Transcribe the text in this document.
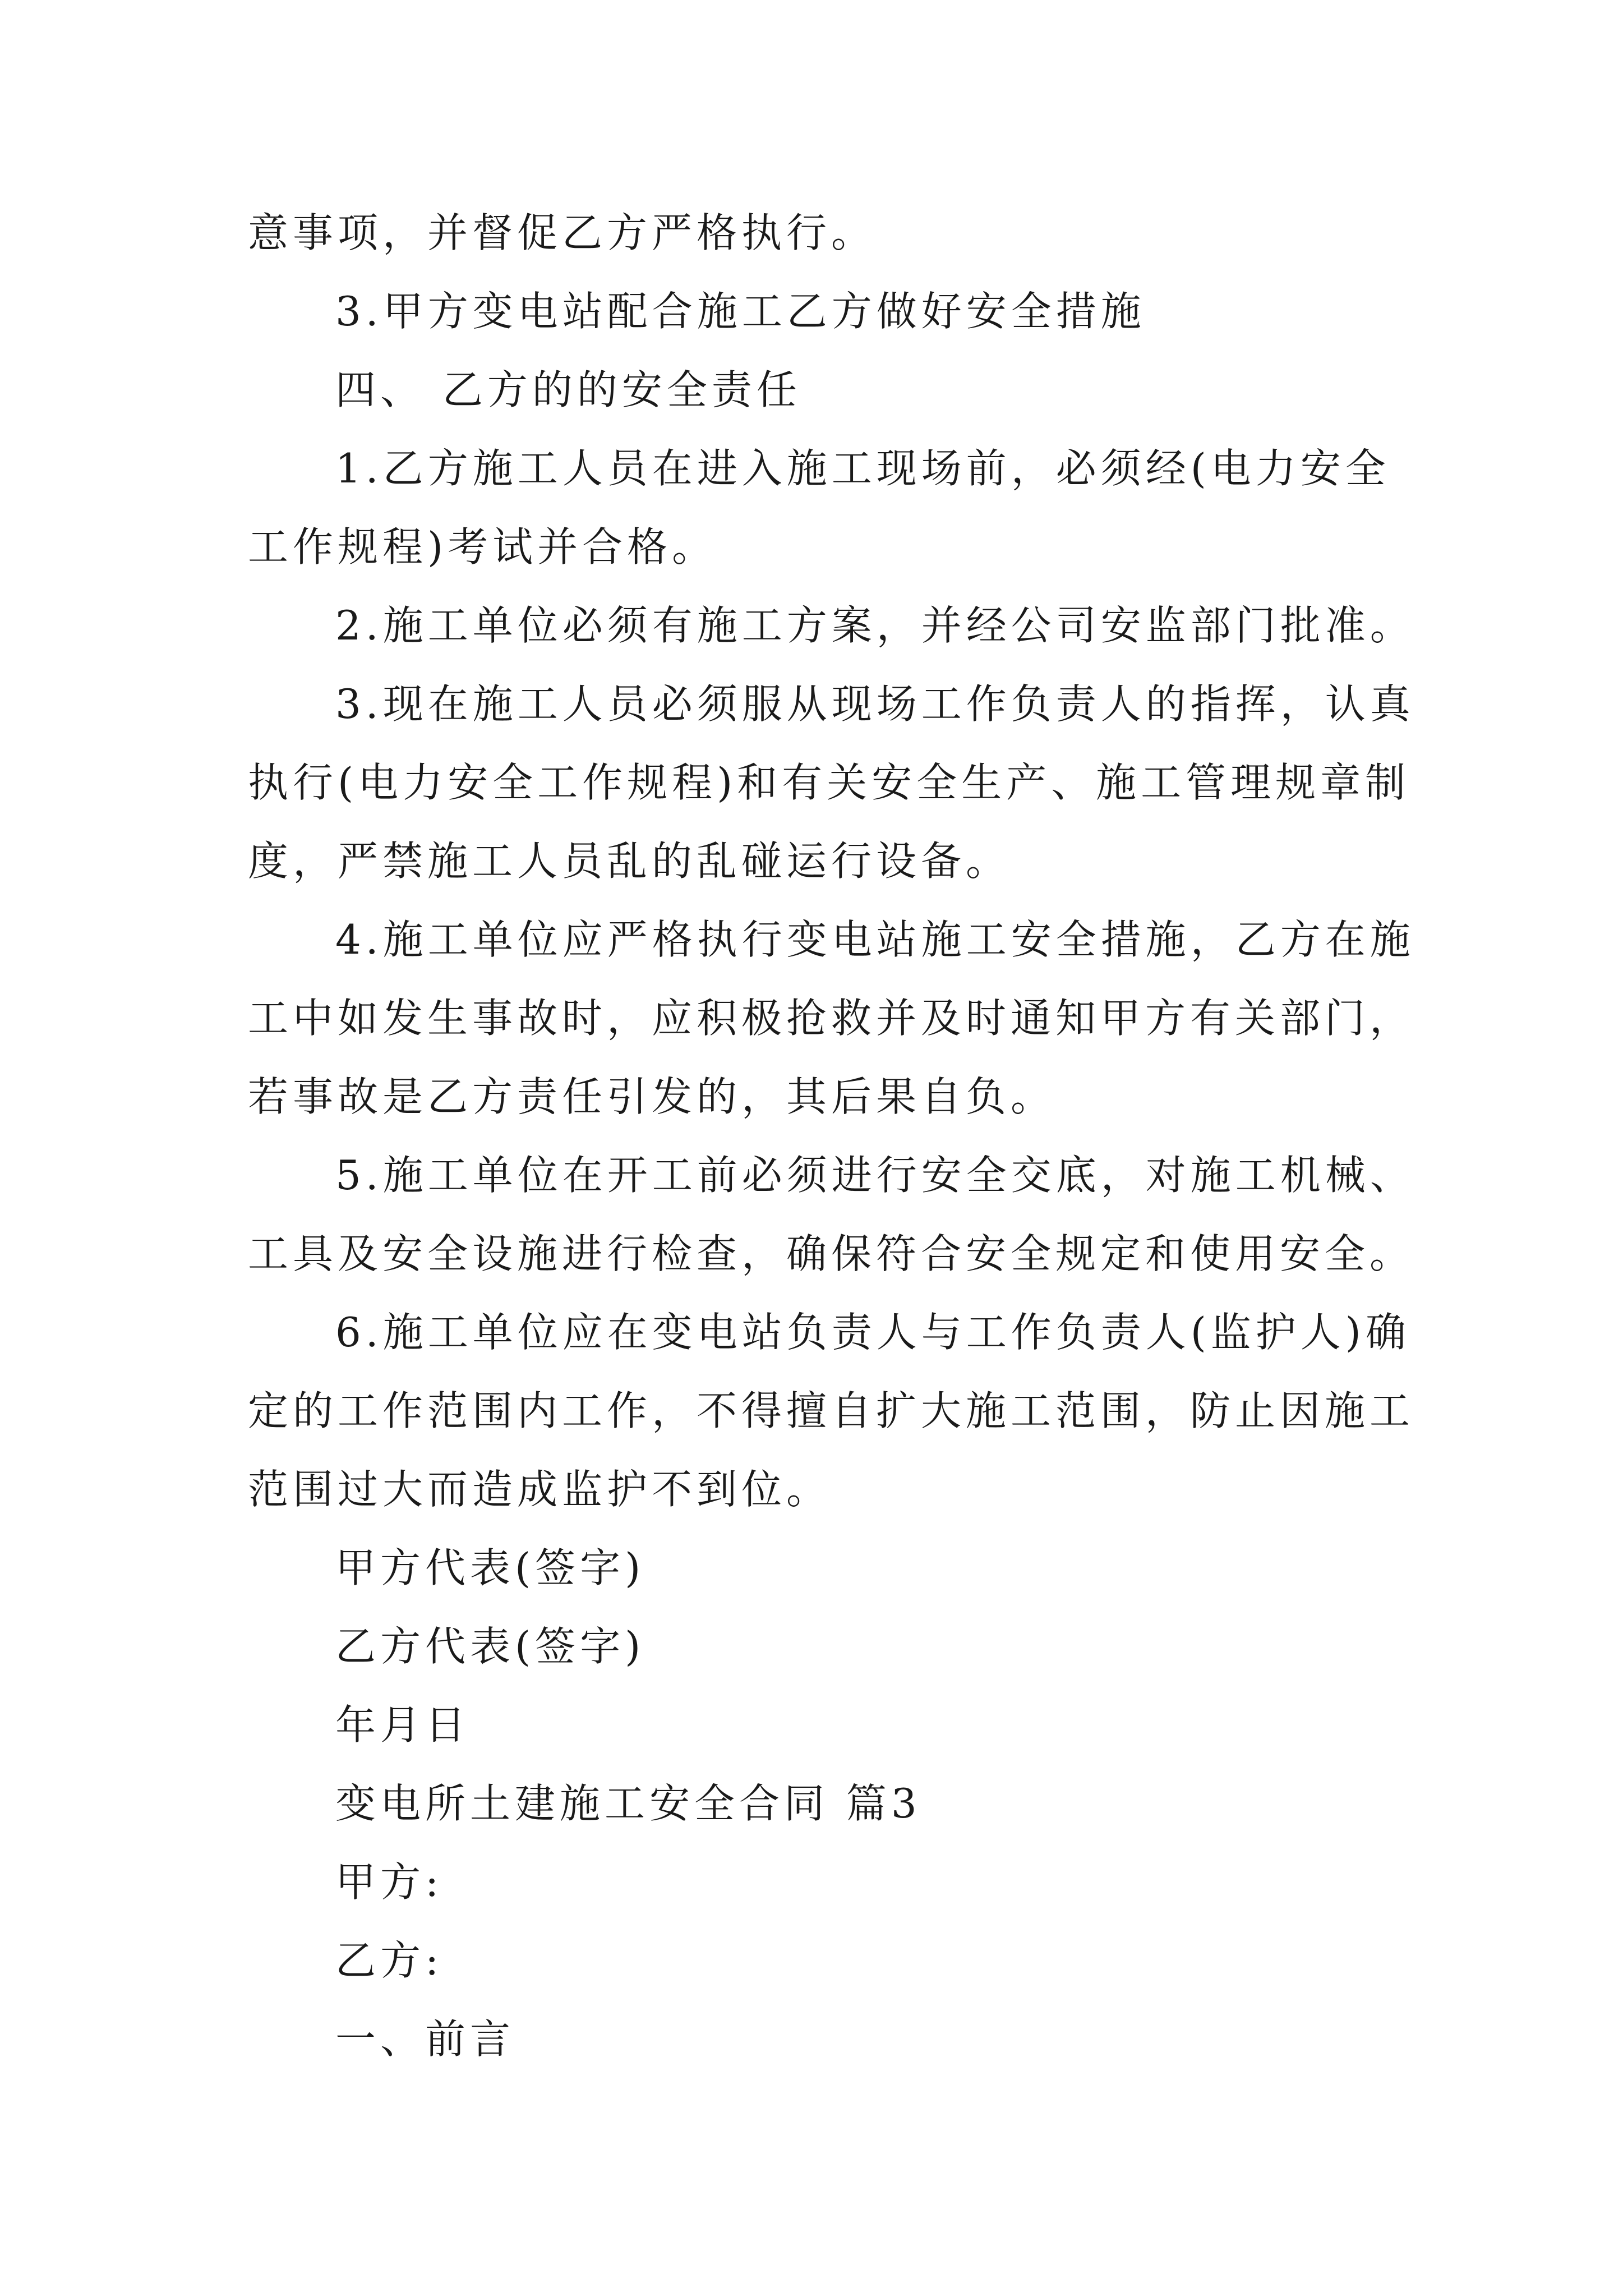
意事项，并督促乙方严格执行。
3.甲方变电站配合施工乙方做好安全措施
四、 乙方的的安全责任
1.乙方施工人员在进入施工现场前，必须经(电力安全
工作规程)考试并合格。
2.施工单位必须有施工方案，并经公司安监部门批准。
3.现在施工人员必须服从现场工作负责人的指挥，认真
执行(电力安全工作规程)和有关安全生产、施工管理规章制
度，严禁施工人员乱的乱碰运行设备。
4.施工单位应严格执行变电站施工安全措施，乙方在施
工中如发生事故时，应积极抢救并及时通知甲方有关部门，
若事故是乙方责任引发的，其后果自负。
5.施工单位在开工前必须进行安全交底，对施工机械、
工具及安全设施进行检查，确保符合安全规定和使用安全。
6.施工单位应在变电站负责人与工作负责人(监护人)确
定的工作范围内工作，不得擅自扩大施工范围，防止因施工
范围过大而造成监护不到位。
甲方代表(签字)
乙方代表(签字)
年月日
变电所土建施工安全合同 篇3
甲方:
乙方:
一、前言
